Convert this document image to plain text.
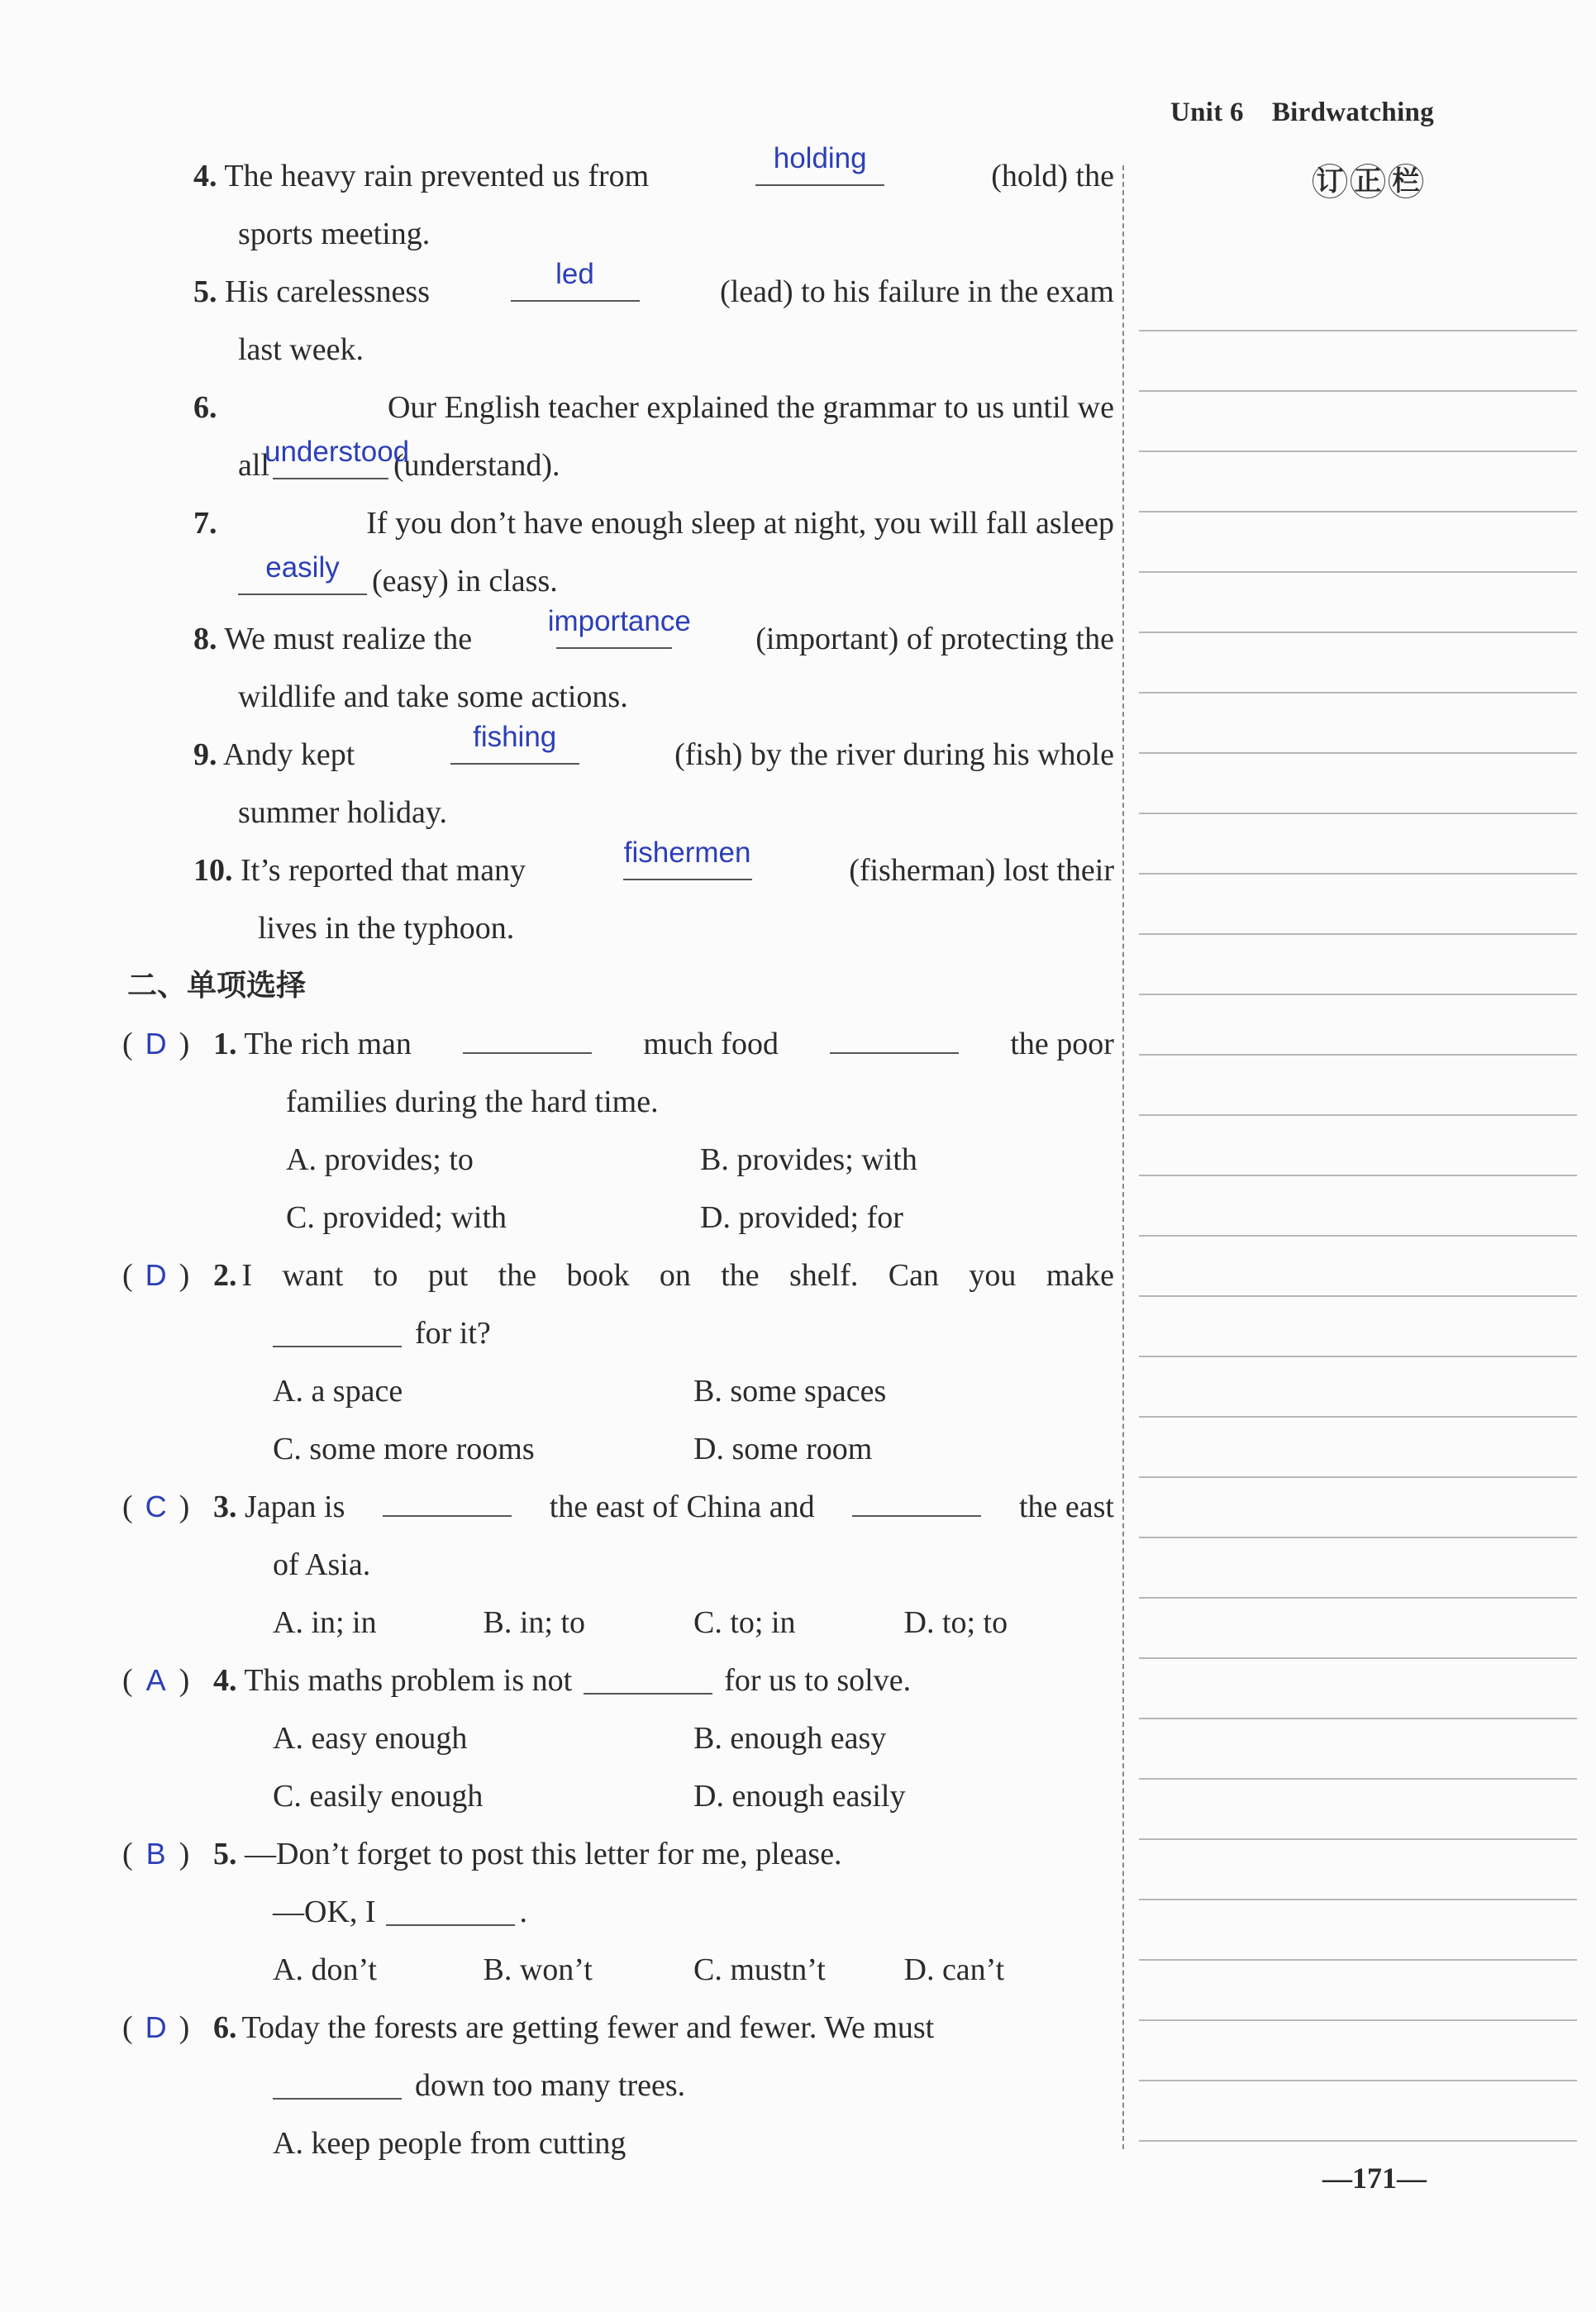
Unit 6 Birdwatching
订 正 栏
4. The heavy rain prevented us from
holding
(hold) the
sports meeting.
5. His carelessness
led
(lead) to his failure in the exam
last week.
6.	Our English teacher explained the grammar to us until we
all
understood
(understand).
7.	If you don’t have enough sleep at night, you will fall asleep
easily	(easy) in class.
8. We must realize the
importance
(important) of protecting the
wildlife and take some actions.
9. Andy kept
fishing
(fish) by the river during his whole
summer holiday.
10. It’s reported that many
fishermen
(fisherman) lost their
lives in the typhoon.
二、单项选择
( D ) 1. The rich man	much food	the poor
families during the hard time.
A. provides; to	B. provides; with
C. provided; with	D. provided; for
( D ) 2. I want to put the book on the shelf. Can you make
for it?
A. a space	B. some spaces
C. some more rooms	D. some room
( C ) 3. Japan is	the east of China and	the east
of Asia.
A. in; in	B. in; to	C. to; in	D. to; to
( A ) 4. This maths problem is not	for us to solve.
A. easy enough	B. enough easy
C. easily enough	D. enough easily
( B ) 5. —Don’t forget to post this letter for me, please.
—OK, I	.
A. don’t	B. won’t	C. mustn’t	D. can’t
( D ) 6. Today the forests are getting fewer and fewer. We must
down too many trees.
A. keep people from cutting
—171—
